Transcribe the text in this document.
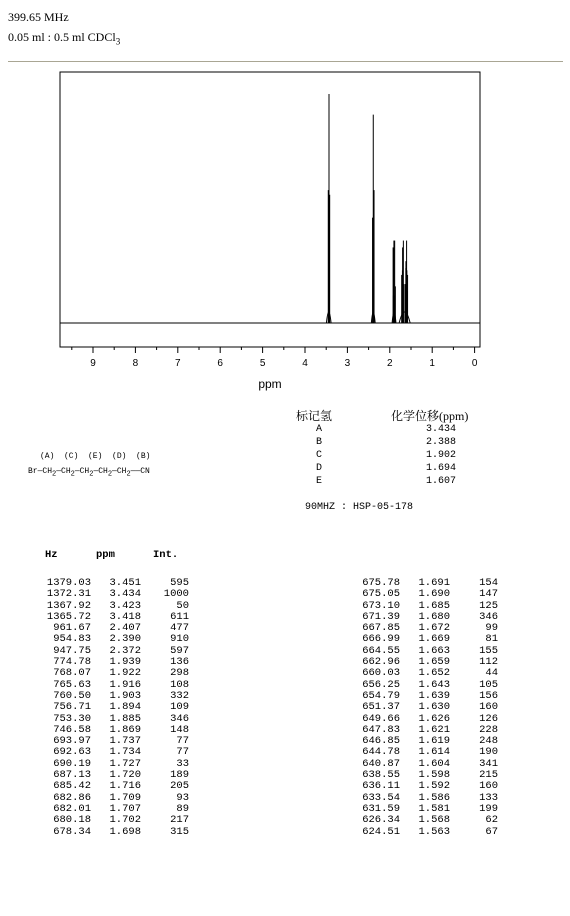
399.65 MHz
0.05 ml : 0.5 ml CDCl$_3$
9	8	7	6	5	4	3	2	1	0
ppm
标记氢	化学位移(ppm)
A	3.434
B	2.388
C	1.902
D	1.694
E	1.607
(A)  (C)  (E)  (D)  (B)
$Br—CH_2—CH_2—CH_2—CH_2—CH_2——CN$
90MHZ : HSP-05-178
Hz	ppm	Int.
1379.03 3.451	595
1372.31 3.434 1000
1367.92 3.423	50
1365.72 3.418	611
961.67 2.407	477
954.83 2.390	910
947.75 2.372	597
774.78 1.939	136
768.07 1.922	298
765.63 1.916	108
760.50 1.903	332
756.71 1.894	109
753.30 1.885	346
746.58 1.869	148
693.97 1.737	77
692.63 1.734	77
690.19 1.727	33
687.13 1.720	189
685.42 1.716	205
682.86 1.709	93
682.01 1.707	89
680.18 1.702	217
678.34 1.698	315
675.78 1.691	154
675.05 1.690	147
673.10 1.685	125
671.39 1.680	346
667.85 1.672	99
666.99 1.669	81
664.55 1.663	155
662.96 1.659	112
660.03 1.652	44
656.25 1.643	105
654.79 1.639	156
651.37 1.630	160
649.66 1.626	126
647.83 1.621	228
646.85 1.619	248
644.78 1.614	190
640.87 1.604	341
638.55 1.598	215
636.11 1.592	160
633.54 1.586	133
631.59 1.581	199
626.34 1.568	62
624.51 1.563	67
